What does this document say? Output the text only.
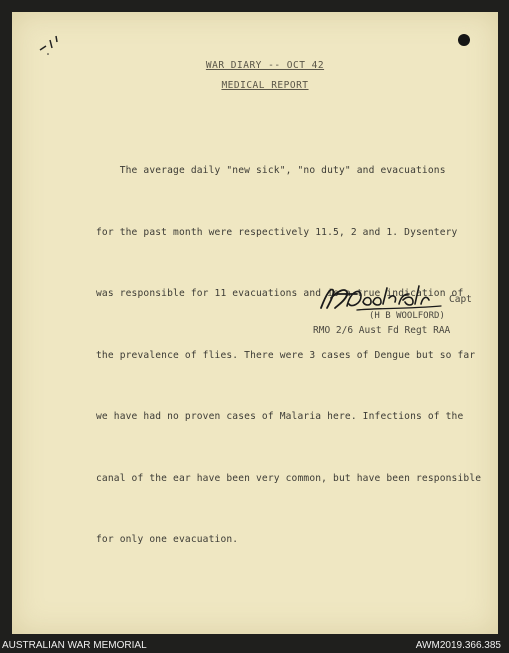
WAR DIARY -- OCT 42
MEDICAL REPORT

The average daily "new sick", "no duty" and evacuations

for the past month were respectively 11.5, 2 and 1. Dysentery

was responsible for 11 evacuations and is a true indication of

the prevalence of flies. There were 3 cases of Dengue but so far

we have had no proven cases of Malaria here. Infections of the

canal of the ear have been very common, but have been responsible

for only one evacuation.

Capt
(H B WOOLFORD)
RMO 2/6 Aust Fd Regt RAA
AUSTRALIAN WAR MEMORIAL	AWM2019.366.385
